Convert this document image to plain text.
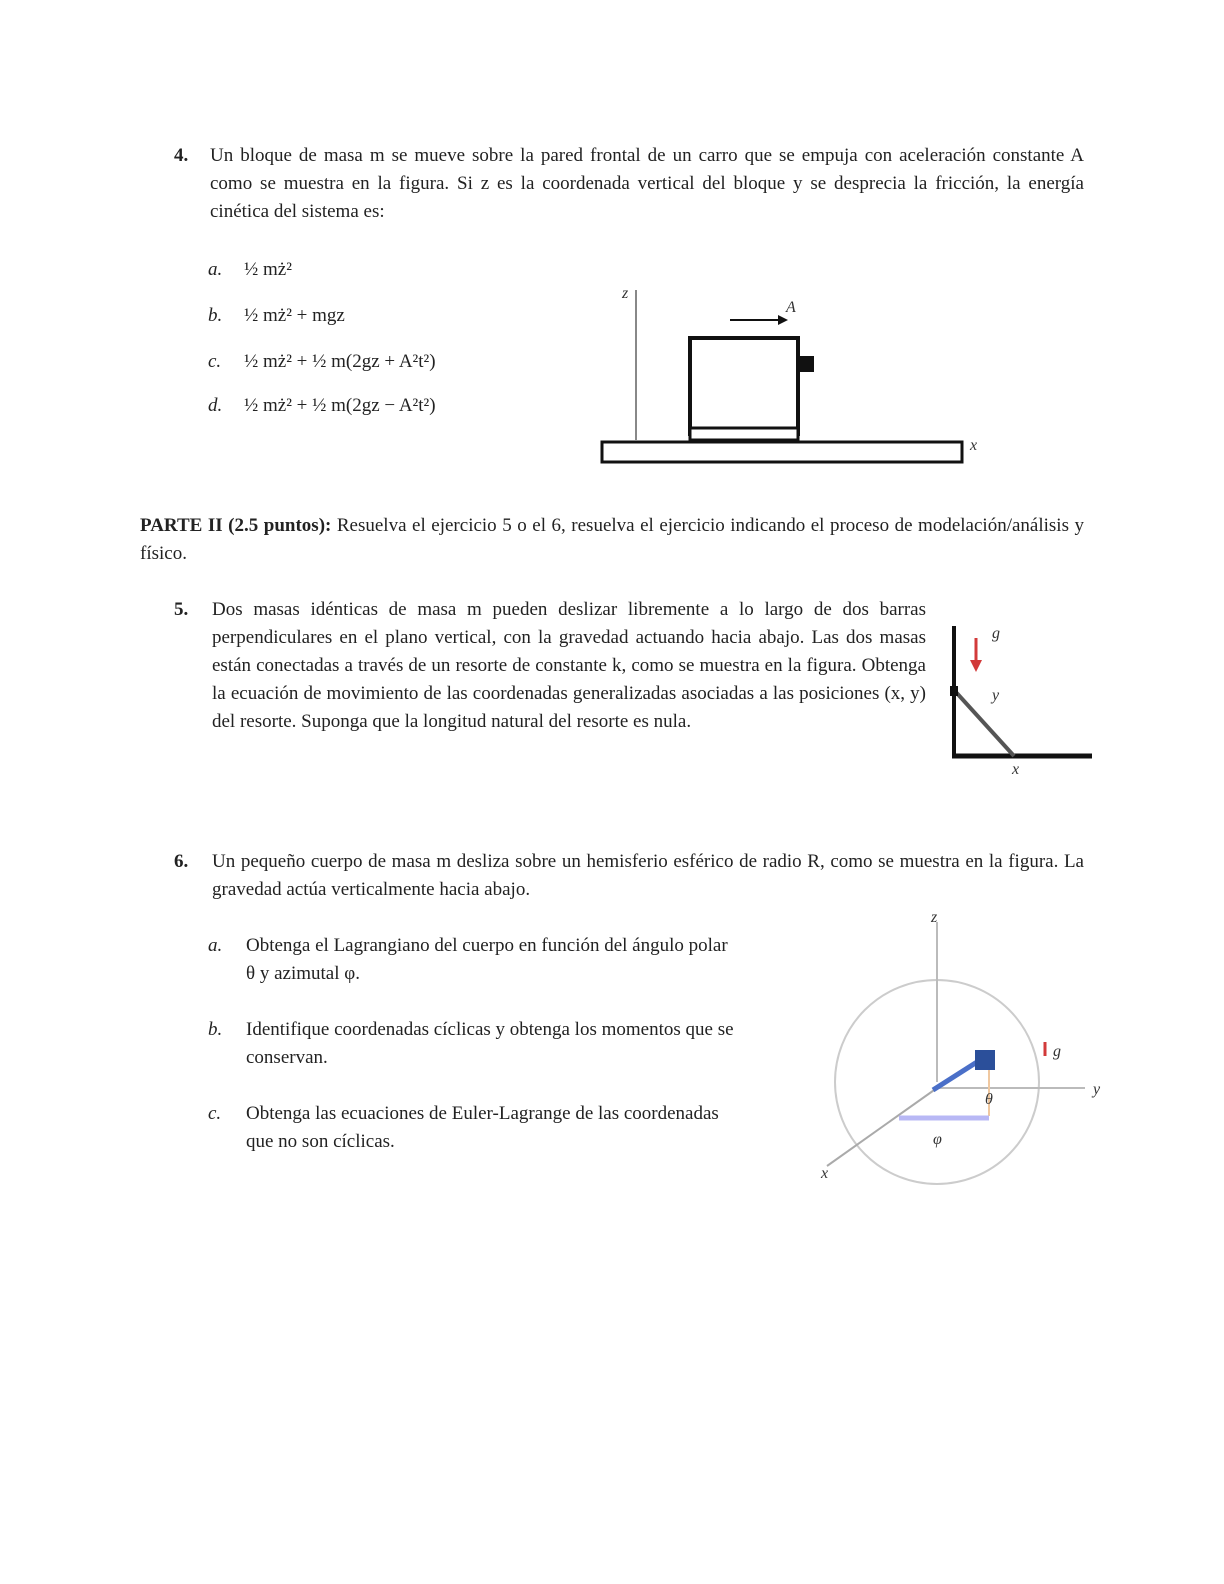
4. Un bloque de masa m se mueve sobre la pared frontal de un carro que se empuja con aceleración constante A como se muestra en la figura. Si z es la coordenada vertical del bloque y se desprecia la fricción, la energía cinética del sistema es:
a. ½ mż²
b. ½ mż² + mgz
c. ½ mż² + ½ m(2gz + A²t²)
d. ½ mż² + ½ m(2gz − A²t²)
z
A
x
PARTE II (2.5 puntos): Resuelva el ejercicio 5 o el 6, resuelva el ejercicio indicando el proceso de modelación/análisis y físico.
5. Dos masas idénticas de masa m pueden deslizar libremente a lo largo de dos barras perpendiculares en el plano vertical, con la gravedad actuando hacia abajo. Las dos masas están conectadas a través de un resorte de constante k, como se muestra en la figura. Obtenga la ecuación de movimiento de las coordenadas generalizadas asociadas a las posiciones (x, y) del resorte. Suponga que la longitud natural del resorte es nula.
g
y
x
6. Un pequeño cuerpo de masa m desliza sobre un hemisferio esférico de radio R, como se muestra en la figura. La gravedad actúa verticalmente hacia abajo.
a. Obtenga el Lagrangiano del cuerpo en función del ángulo polar θ y azimutal φ.
b. Identifique coordenadas cíclicas y obtenga los momentos que se conservan.
c. Obtenga las ecuaciones de Euler-Lagrange de las coordenadas que no son cíclicas.
z
y
x
g
θ
φ
